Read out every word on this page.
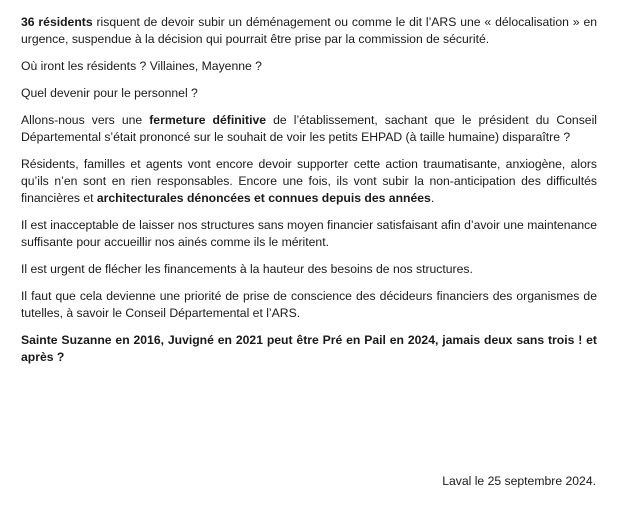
36 résidents risquent de devoir subir un déménagement ou comme le dit l’ARS une « délocalisation » en urgence, suspendue à la décision qui pourrait être prise par la commission de sécurité.

Où iront les résidents ? Villaines, Mayenne ?

Quel devenir pour le personnel ?

Allons-nous vers une fermeture définitive de l’établissement, sachant que le président du Conseil Départemental s’était prononcé sur le souhait de voir les petits EHPAD (à taille humaine) disparaître ?

Résidents, familles et agents vont encore devoir supporter cette action traumatisante, anxiogène, alors qu’ils n’en sont en rien responsables. Encore une fois, ils vont subir la non-anticipation des difficultés financières et architecturales dénoncées et connues depuis des années.

Il est inacceptable de laisser nos structures sans moyen financier satisfaisant afin d’avoir une maintenance suffisante pour accueillir nos ainés comme ils le méritent.

Il est urgent de flécher les financements à la hauteur des besoins de nos structures.

Il faut que cela devienne une priorité de prise de conscience des décideurs financiers des organismes de tutelles, à savoir le Conseil Départemental et l’ARS.

Sainte Suzanne en 2016, Juvigné en 2021 peut être Pré en Pail en 2024, jamais deux sans trois ! et après ?

Laval le 25 septembre 2024.
